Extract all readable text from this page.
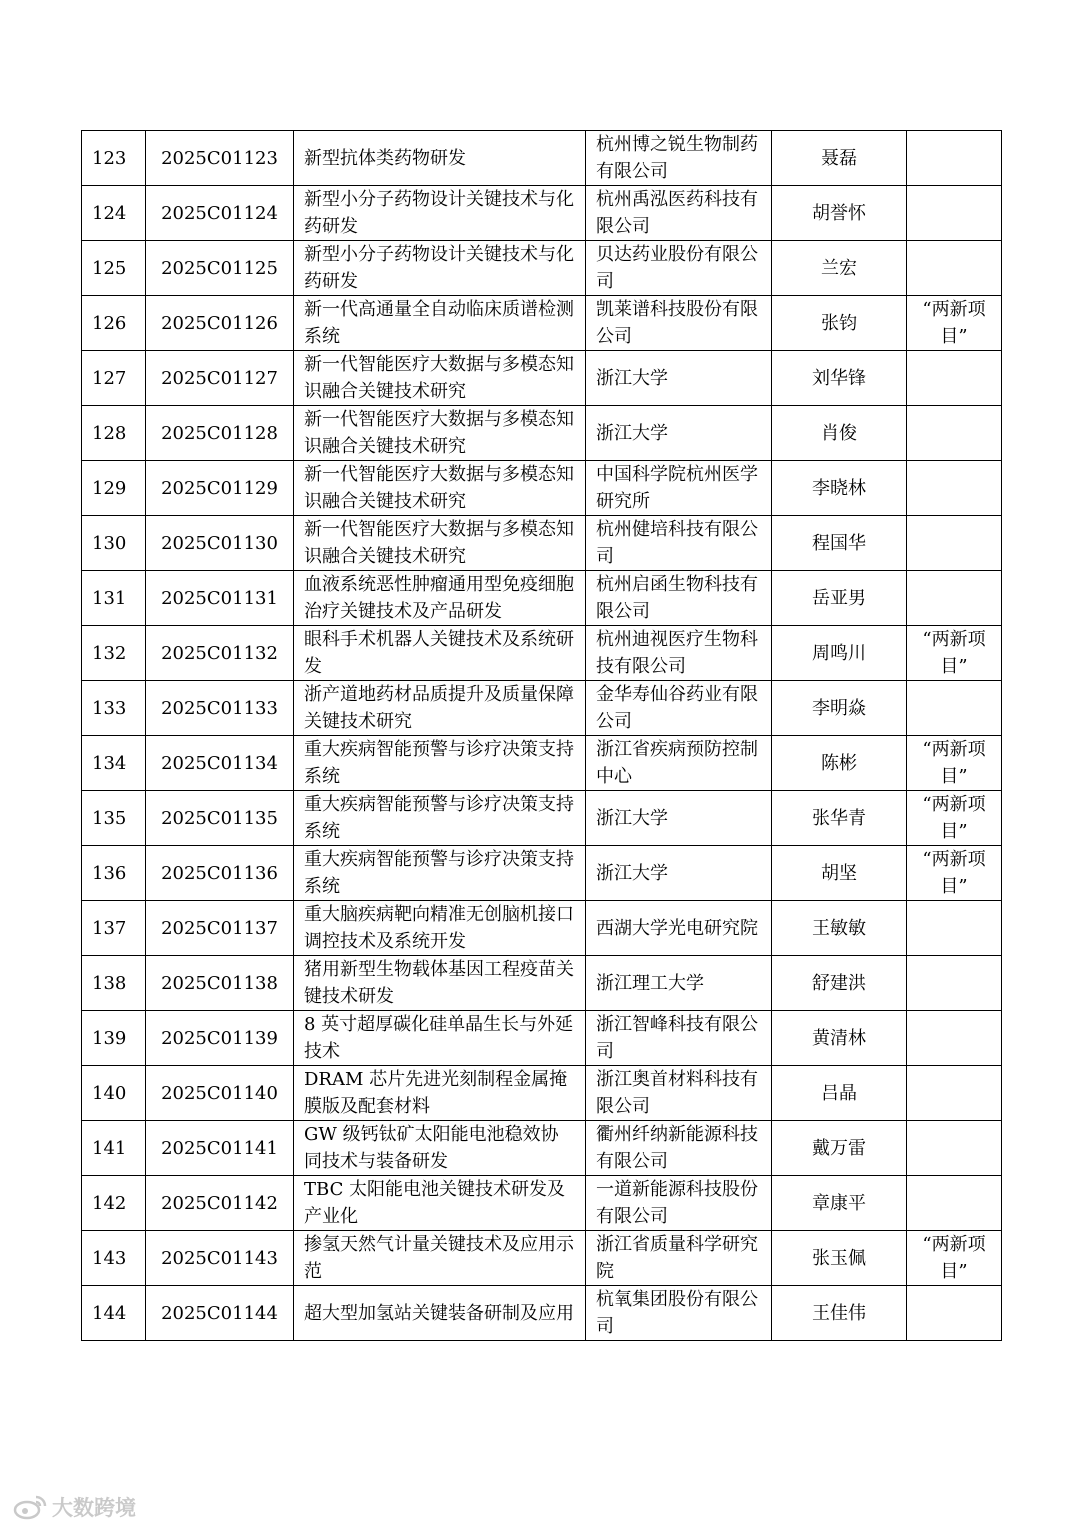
123	2025C01123	新型抗体类药物研发	杭州博之锐生物制药有限公司	聂磊	
124	2025C01124	新型小分子药物设计关键技术与化药研发	杭州禹泓医药科技有限公司	胡誉怀	
125	2025C01125	新型小分子药物设计关键技术与化药研发	贝达药业股份有限公司	兰宏	
126	2025C01126	新一代高通量全自动临床质谱检测系统	凯莱谱科技股份有限公司	张钧	“两新项目”
127	2025C01127	新一代智能医疗大数据与多模态知识融合关键技术研究	浙江大学	刘华锋	
128	2025C01128	新一代智能医疗大数据与多模态知识融合关键技术研究	浙江大学	肖俊	
129	2025C01129	新一代智能医疗大数据与多模态知识融合关键技术研究	中国科学院杭州医学研究所	李晓林	
130	2025C01130	新一代智能医疗大数据与多模态知识融合关键技术研究	杭州健培科技有限公司	程国华	
131	2025C01131	血液系统恶性肿瘤通用型免疫细胞治疗关键技术及产品研发	杭州启函生物科技有限公司	岳亚男	
132	2025C01132	眼科手术机器人关键技术及系统研发	杭州迪视医疗生物科技有限公司	周鸣川	“两新项目”
133	2025C01133	浙产道地药材品质提升及质量保障关键技术研究	金华寿仙谷药业有限公司	李明焱	
134	2025C01134	重大疾病智能预警与诊疗决策支持系统	浙江省疾病预防控制中心	陈彬	“两新项目”
135	2025C01135	重大疾病智能预警与诊疗决策支持系统	浙江大学	张华青	“两新项目”
136	2025C01136	重大疾病智能预警与诊疗决策支持系统	浙江大学	胡坚	“两新项目”
137	2025C01137	重大脑疾病靶向精准无创脑机接口调控技术及系统开发	西湖大学光电研究院	王敏敏	
138	2025C01138	猪用新型生物载体基因工程疫苗关键技术研发	浙江理工大学	舒建洪	
139	2025C01139	8 英寸超厚碳化硅单晶生长与外延技术	浙江智峰科技有限公司	黄清林	
140	2025C01140	DRAM 芯片先进光刻制程金属掩膜版及配套材料	浙江奥首材料科技有限公司	吕晶	
141	2025C01141	GW 级钙钛矿太阳能电池稳效协同技术与装备研发	衢州纤纳新能源科技有限公司	戴万雷	
142	2025C01142	TBC 太阳能电池关键技术研发及产业化	一道新能源科技股份有限公司	章康平	
143	2025C01143	掺氢天然气计量关键技术及应用示范	浙江省质量科学研究院	张玉佩	“两新项目”
144	2025C01144	超大型加氢站关键装备研制及应用	杭氧集团股份有限公司	王佳伟	
大数跨境
